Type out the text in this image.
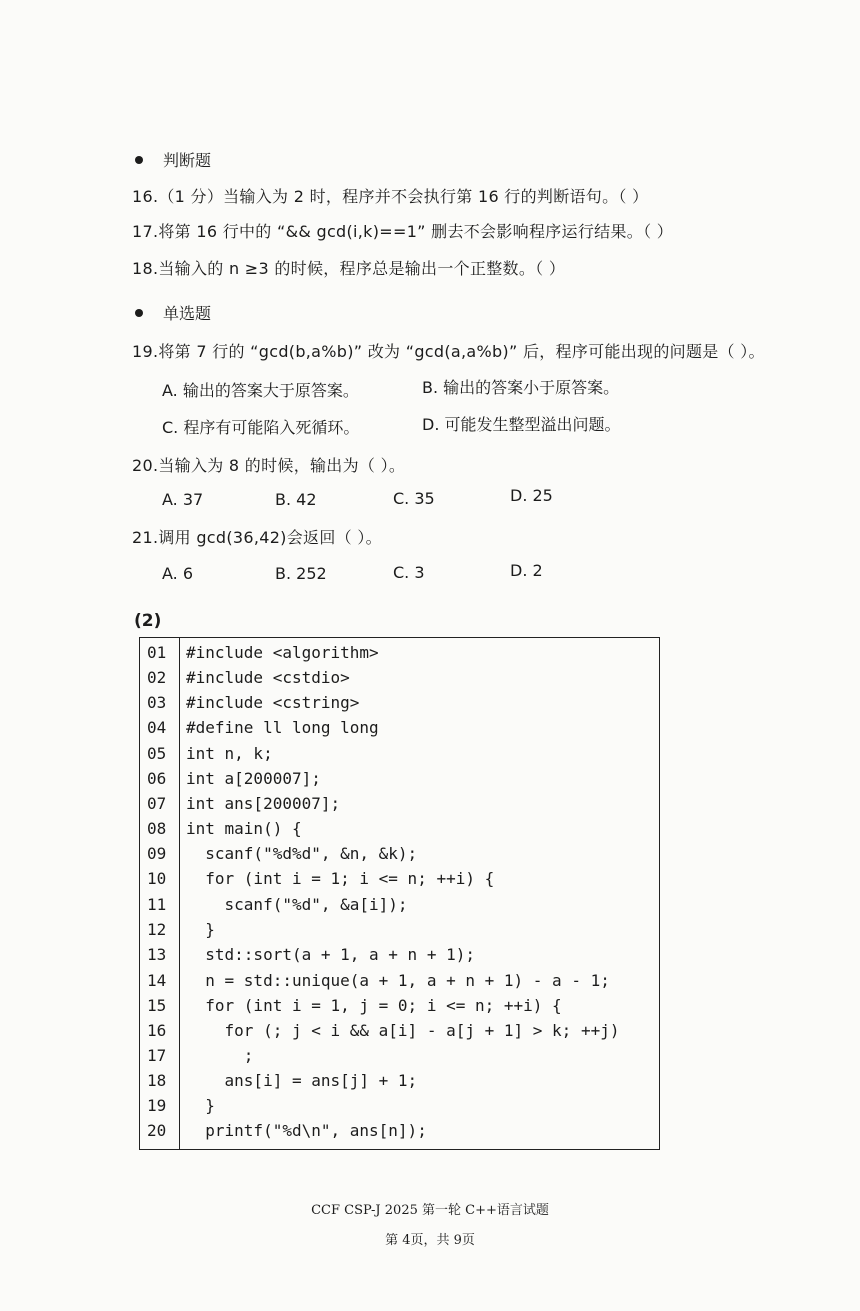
判断题
16.（1 分）当输入为 2 时，程序并不会执行第 16 行的判断语句。（ ）
17.将第 16 行中的 “&& gcd(i,k)==1” 删去不会影响程序运行结果。（ ）
18.当输入的 n ≥3 的时候，程序总是输出一个正整数。（ ）
单选题
19.将第 7 行的 “gcd(b,a%b)” 改为 “gcd(a,a%b)” 后，程序可能出现的问题是（ ）。
A. 输出的答案大于原答案。	B. 输出的答案小于原答案。
C. 程序有可能陷入死循环。	D. 可能发生整型溢出问题。
20.当输入为 8 的时候，输出为（ ）。
A. 37	B. 42	C. 35	D. 25
21.调用 gcd(36,42)会返回（ ）。
A. 6	B. 252	C. 3	D. 2
(2)
01	#include <algorithm>
02	#include <cstdio>
03	#include <cstring>
04	#define ll long long
05	int n, k;
06	int a[200007];
07	int ans[200007];
08	int main() {
09	scanf("%d%d", &n, &k);
10	for (int i = 1; i <= n; ++i) {
11	scanf("%d", &a[i]);
12	}
13	std::sort(a + 1, a + n + 1);
14	n = std::unique(a + 1, a + n + 1) - a - 1;
15	for (int i = 1, j = 0; i <= n; ++i) {
16	for (; j < i && a[i] - a[j + 1] > k; ++j)
17	;
18	ans[i] = ans[j] + 1;
19	}
20	printf("%d\n", ans[n]);
CCF CSP-J 2025 第一轮 C++语言试题
第 4页，共 9页
